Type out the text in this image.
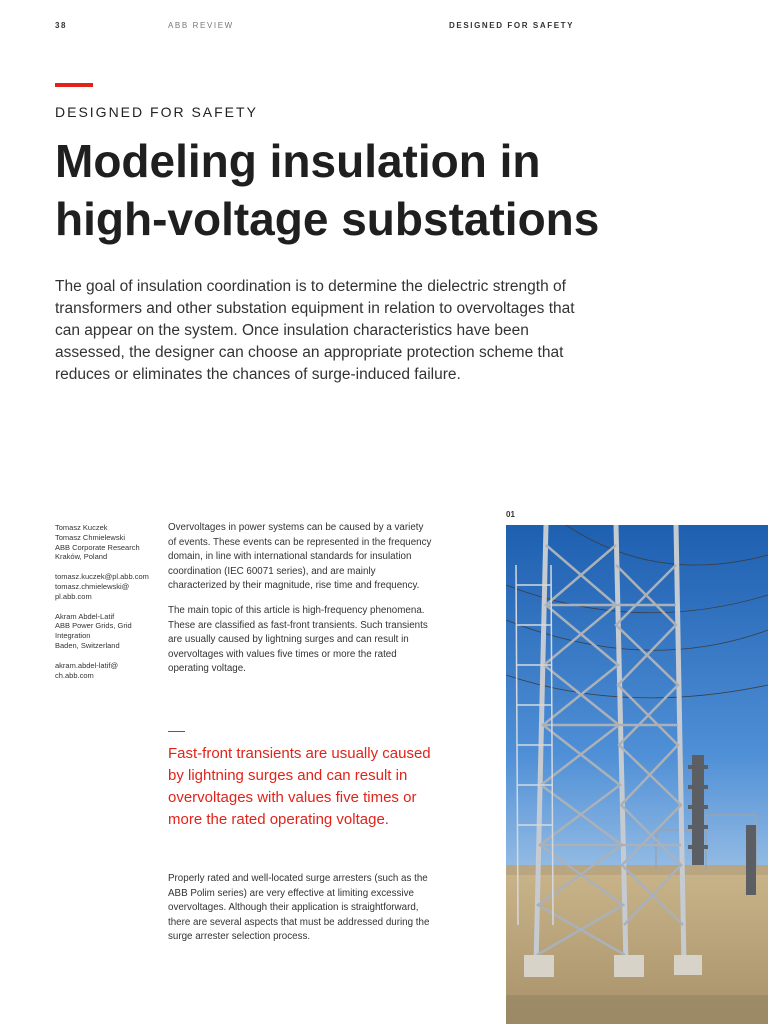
38	ABB REVIEW	DESIGNED FOR SAFETY
DESIGNED FOR SAFETY
Modeling insulation in
high-voltage substations

The goal of insulation coordination is to determine the dielectric strength of transformers and other substation equipment in relation to overvoltages that can appear on the system. Once insulation characteristics have been assessed, the designer can choose an appropriate protection scheme that reduces or eliminates the chances of surge-induced failure.

Tomasz Kuczek
Tomasz Chmielewski
ABB Corporate Research
Kraków, Poland
tomasz.kuczek@pl.abb.com
tomasz.chmielewski@
pl.abb.com
Akram Abdel-Latif
ABB Power Grids, Grid
Integration
Baden, Switzerland
akram.abdel-latif@
ch.abb.com

Overvoltages in power systems can be caused by a variety of events. These events can be represented in the frequency domain, in line with international standards for insulation coordination (IEC 60071 series), and are mainly characterized by their magnitude, rise time and frequency.

The main topic of this article is high-frequency phenomena. These are classified as fast-front transients. Such transients are usually caused by lightning surges and can result in overvoltages with values five times or more the rated operating voltage.

Fast-front transients are usually caused by lightning surges and can result in overvoltages with values five times or more the rated operating voltage.

Properly rated and well-located surge arresters (such as the ABB Polim series) are very effective at limiting excessive overvoltages. Although their application is straightforward, there are several aspects that must be addressed during the surge arrester selection process.

01
